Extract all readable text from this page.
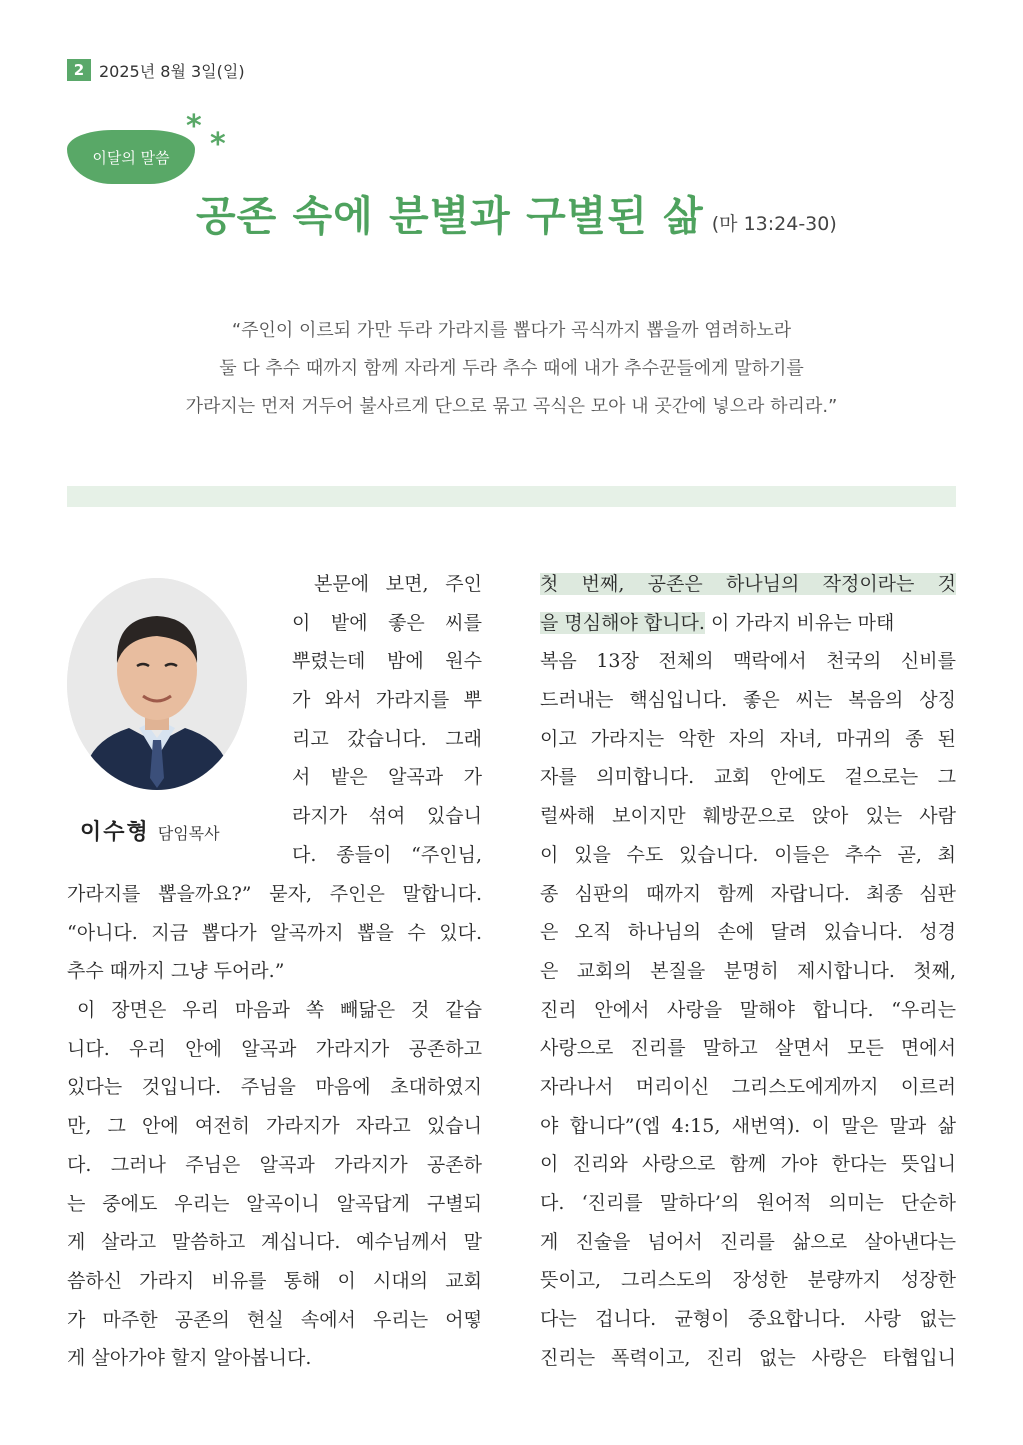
2 2025년 8월 3일(일)
이달의 말씀
*
*
공존 속에 분별과 구별된 삶 (마 13:24-30)
“주인이 이르되 가만 두라 가라지를 뽑다가 곡식까지 뽑을까 염려하노라
둘 다 추수 때까지 함께 자라게 두라 추수 때에 내가 추수꾼들에게 말하기를
가라지는 먼저 거두어 불사르게 단으로 묶고 곡식은 모아 내 곳간에 넣으라 하리라.”
이수형 담임목사
본문에 보면, 주인
이 밭에 좋은 씨를
뿌렸는데 밤에 원수
가 와서 가라지를 뿌
리고 갔습니다. 그래
서 밭은 알곡과 가
라지가 섞여 있습니
다. 종들이 “주인님,
가라지를 뽑을까요?” 묻자, 주인은 말합니다.
“아니다. 지금 뽑다가 알곡까지 뽑을 수 있다.
추수 때까지 그냥 두어라.”
이 장면은 우리 마음과 쏙 빼닮은 것 같습
니다. 우리 안에 알곡과 가라지가 공존하고
있다는 것입니다. 주님을 마음에 초대하였지
만, 그 안에 여전히 가라지가 자라고 있습니
다. 그러나 주님은 알곡과 가라지가 공존하
는 중에도 우리는 알곡이니 알곡답게 구별되
게 살라고 말씀하고 계십니다. 예수님께서 말
씀하신 가라지 비유를 통해 이 시대의 교회
가 마주한 공존의 현실 속에서 우리는 어떻
게 살아가야 할지 알아봅니다.
첫 번째, 공존은 하나님의 작정이라는 것
을 명심해야 합니다. 이 가라지 비유는 마태
복음 13장 전체의 맥락에서 천국의 신비를
드러내는 핵심입니다. 좋은 씨는 복음의 상징
이고 가라지는 악한 자의 자녀, 마귀의 종 된
자를 의미합니다. 교회 안에도 겉으로는 그
럴싸해 보이지만 훼방꾼으로 앉아 있는 사람
이 있을 수도 있습니다. 이들은 추수 곧, 최
종 심판의 때까지 함께 자랍니다. 최종 심판
은 오직 하나님의 손에 달려 있습니다. 성경
은 교회의 본질을 분명히 제시합니다. 첫째,
진리 안에서 사랑을 말해야 합니다. “우리는
사랑으로 진리를 말하고 살면서 모든 면에서
자라나서 머리이신 그리스도에게까지 이르러
야 합니다”(엡 4:15, 새번역). 이 말은 말과 삶
이 진리와 사랑으로 함께 가야 한다는 뜻입니
다. ‘진리를 말하다’의 원어적 의미는 단순하
게 진술을 넘어서 진리를 삶으로 살아낸다는
뜻이고, 그리스도의 장성한 분량까지 성장한
다는 겁니다. 균형이 중요합니다. 사랑 없는
진리는 폭력이고, 진리 없는 사랑은 타협입니
